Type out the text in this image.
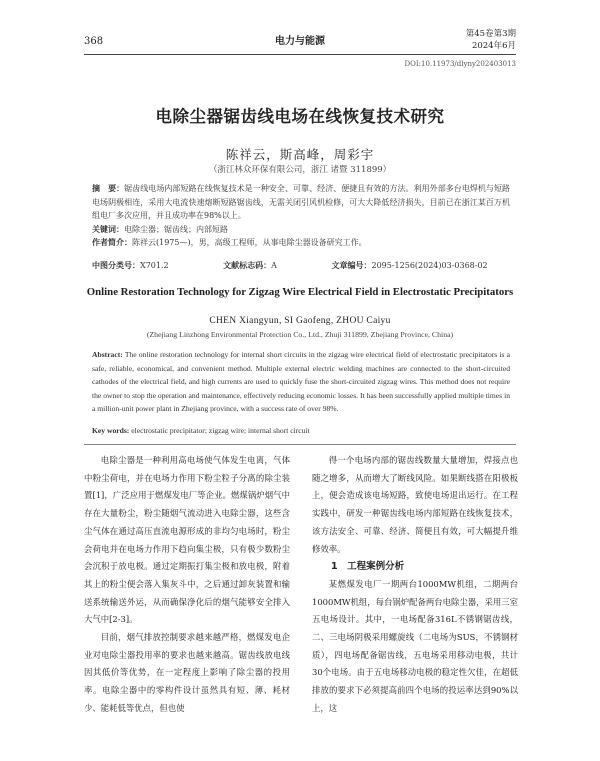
368	电力与能源
第45卷第3期
2024年6月
DOI:10.11973/dlyny202403013
电除尘器锯齿线电场在线恢复技术研究
陈祥云，斯高峰，周彩宇
（浙江林众环保有限公司，浙江 诸暨 311899）
摘　要：锯齿线电场内部短路在线恢复技术是一种安全、可靠、经济、便捷且有效的方法。利用外部多台电焊机与短路电场阴极相连，采用大电流快速熔断短路锯齿线，无需关闭引风机检修，可大大降低经济损失，目前已在浙江某百万机组电厂多次应用，并且成功率在98%以上。
关键词：电除尘器；锯齿线；内部短路
作者简介：陈祥云(1975—)，男，高级工程师，从事电除尘器设备研究工作。
中图分类号：X701.2	文献标志码：A	文章编号：2095-1256(2024)03-0368-02
Online Restoration Technology for Zigzag Wire Electrical Field in Electrostatic Precipitators
CHEN Xiangyun, SI Gaofeng, ZHOU Caiyu
(Zhejiang Linzhong Environmental Protection Co., Ltd., Zhuji 311899, Zhejiang Province, China)
Abstract: The online restoration technology for internal short circuits in the zigzag wire electrical field of electrostatic precipitators is a safe, reliable, economical, and convenient method. Multiple external electric welding machines are connected to the short-circuited cathodes of the electrical field, and high currents are used to quickly fuse the short-circuited zigzag wires. This method does not require the owner to stop the operation and maintenance, effectively reducing economic losses. It has been successfully applied multiple times in a million-unit power plant in Zhejiang province, with a success rate of over 98%.
Key words: electrostatic precipitator; zigzag wire; internal short circuit

电除尘器是一种利用高电场使气体发生电离，气体中粉尘荷电，并在电场力作用下粉尘粒子分离的除尘装置[1]，广泛应用于燃煤发电厂等企业。燃煤锅炉烟气中存在大量粉尘，粉尘随烟气流动进入电除尘器，这些含尘气体在通过高压直流电源形成的非均匀电场时，粉尘会荷电并在电场力作用下趋向集尘极，只有极少数粉尘会沉积于放电极。通过定期振打集尘极和放电极，附着其上的粉尘便会落入集灰斗中，之后通过卸灰装置和输送系统输送外运，从而确保净化后的烟气能够安全排入大气中[2-3]。

目前，烟气排放控制要求越来越严格，燃煤发电企业对电除尘器投用率的要求也越来越高。锯齿线放电线因其低价等优势，在一定程度上影响了除尘器的投用率。电除尘器中的零构件设计虽然具有短、薄、耗材少、能耗低等优点，但也使

得一个电场内部的锯齿线数量大量增加，焊接点也随之增多，从而增大了断线风险。如果断线搭在阳极板上，便会造成该电场短路，致使电场退出运行。在工程实践中，研发一种锯齿线电场内部短路在线恢复技术，该方法安全、可靠、经济、简便且有效，可大幅提升维修效率。

1　工程案例分析

某燃煤发电厂一期两台1000MW机组，二期两台1000MW机组，每台锅炉配备两台电除尘器，采用三室五电场设计。其中，一电场配备316L不锈钢锯齿线，二、三电场阴极采用螺旋线（二电场为SUS，不锈钢材质），四电场配备锯齿线，五电场采用移动电极，共计30个电场。由于五电场移动电极的稳定性欠佳，在超低排放的要求下必须提高前四个电场的投运率达到90%以上，这
